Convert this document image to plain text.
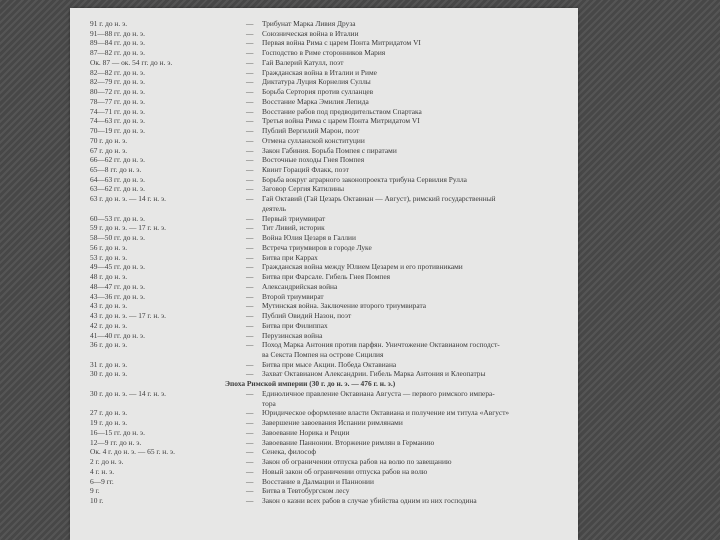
91 г. до н. э.	— Трибунат Марка Ливия Друза
91—88 гг. до н. э.	— Союзническая война в Италии
89—84 гг. до н. э.	— Первая война Рима с царем Понта Митридатом VI
87—82 гг. до н. э.	— Господство в Риме сторонников Мария
Ок. 87 — ок. 54 гг. до н. э.	— Гай Валерий Катулл, поэт
82—82 гг. до н. э.	— Гражданская война в Италии и Риме
82—79 гг. до н. э.	— Диктатура Луция Корнелия Суллы
80—72 гг. до н. э.	— Борьба Сертория против сулланцев
78—77 гг. до н. э.	— Восстание Марка Эмилия Лепида
74—71 гг. до н. э.	— Восстание рабов под предводительством Спартака
74—63 гг. до н. э.	— Третья война Рима с царем Понта Митридатом VI
70—19 гг. до н. э.	— Публий Вергилий Марон, поэт
70 г. до н. э.	— Отмена сулланской конституции
67 г. до н. э.	— Закон Габиния. Борьба Помпея с пиратами
66—62 гг. до н. э.	— Восточные походы Гнея Помпея
65—8 гг. до н. э.	— Квинт Гораций Флакк, поэт
64—63 гг. до н. э.	— Борьба вокруг аграрного законопроекта трибуна Сервилия Рулла
63—62 гг. до н. э.	— Заговор Сергия Катилины
63 г. до н. э. — 14 г. н. э.	— Гай Октавий (Гай Цезарь Октавиан — Август), римский государственный
деятель
60—53 гг. до н. э.	— Первый триумвират
59 г. до н. э. — 17 г. н. э.	— Тит Ливий, историк
58—50 гг. до н. э.	— Война Юлия Цезаря в Галлии
56 г. до н. э.	— Встреча триумвиров в городе Луке
53 г. до н. э.	— Битва при Каррах
49—45 гг. до н. э.	— Гражданская война между Юлием Цезарем и его противниками
48 г. до н. э.	— Битва при Фарсале. Гибель Гнея Помпея
48—47 гг. до н. э.	— Александрийская война
43—36 гг. до н. э.	— Второй триумвират
43 г. до н. э.	— Мутинская война. Заключение второго триумвирата
43 г. до н. э. — 17 г. н. э.	— Публий Овидий Назон, поэт
42 г. до н. э.	— Битва при Филиппах
41—40 гг. до н. э.	— Перузинская война
36 г. до н. э.	— Поход Марка Антония против парфян. Уничтожение Октавианом господст-
ва Секста Помпея на острове Сицилия
31 г. до н. э.	— Битва при мысе Акции. Победа Октавиана
30 г. до н. э.	— Захват Октавианом Александрии. Гибель Марка Антония и Клеопатры
Эпоха Римской империи (30 г. до н. э. — 476 г. н. э.)
30 г. до н. э. — 14 г. н. э.	— Единоличное правление Октавиана Августа — первого римского импера-
тора
27 г. до н. э.	— Юридическое оформление власти Октавиана и получение им титула «Август»
19 г. до н. э.	— Завершение завоевания Испании римлянами
16—15 гг. до н. э.	— Завоевание Норика и Реции
12—9 гг. до н. э.	— Завоевание Паннонии. Вторжение римлян в Германию
Ок. 4 г. до н. э. — 65 г. н. э.	— Сенека, философ
2 г. до н. э.	— Закон об ограничении отпуска рабов на волю по завещанию
4 г. н. э.	— Новый закон об ограничении отпуска рабов на волю
6—9 гг.	— Восстание в Далмации и Паннонии
9 г.	— Битва в Тевтобургском лесу
10 г.	— Закон о казни всех рабов в случае убийства одним из них господина
